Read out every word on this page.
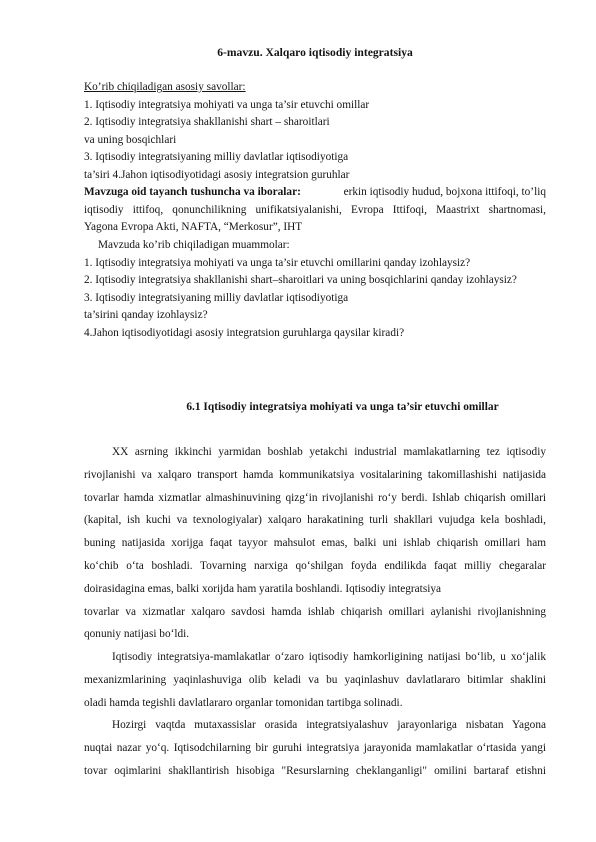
6-mavzu. Xalqaro iqtisodiy integratsiya
Ko’rib chiqiladigan asosiy savollar:
1. Iqtisodiy integratsiya mohiyati va unga ta’sir etuvchi omillar
2. Iqtisodiy integratsiya shakllanishi shart – sharoitlari
va uning bosqichlari
3. Iqtisodiy integratsiyaning milliy davlatlar iqtisodiyotiga
ta’siri 4.Jahon iqtisodiyotidagi asosiy integratsion guruhlar
Mavzuga oid tayanch tushuncha va iboralar:	erkin iqtisodiy hudud, bojxona ittifoqi, to’liq
iqtisodiy ittifoq, qonunchilikning unifikatsiyalanishi, Evropa Ittifoqi, Maastrixt shartnomasi,
Yagona Evropa Akti, NAFTA, “Merkosur”, IHT
Mavzuda ko’rib chiqiladigan muammolar:
1. Iqtisodiy integratsiya mohiyati va unga ta’sir etuvchi omillarini qanday izohlaysiz?
2. Iqtisodiy integratsiya shakllanishi shart–sharoitlari va uning bosqichlarini qanday izohlaysiz?
3. Iqtisodiy integratsiyaning milliy davlatlar iqtisodiyotiga
ta’sirini qanday izohlaysiz?
4.Jahon iqtisodiyotidagi asosiy integratsion guruhlarga qaysilar kiradi?
6.1 Iqtisodiy integratsiya mohiyati va unga ta’sir etuvchi omillar
XX asrning ikkinchi yarmidan boshlab yetakchi industrial mamlakatlarning tez iqtisodiy
rivojlanishi va xalqaro transport hamda kommunikatsiya vositalarining takomillashishi natijasida
tovarlar hamda xizmatlar almashinuvining qizg‘in rivojlanishi ro‘y berdi. Ishlab chiqarish omillari
(kapital, ish kuchi va texnologiyalar) xalqaro harakatining turli shakllari vujudga kela boshladi,
buning natijasida xorijga faqat tayyor mahsulot emas, balki uni ishlab chiqarish omillari ham
ko‘chib o‘ta boshladi. Tovarning narxiga qo‘shilgan foyda endilikda faqat milliy chegaralar
doirasidagina emas, balki xorijda ham yaratila boshlandi. Iqtisodiy integratsiya
tovarlar va xizmatlar xalqaro savdosi hamda ishlab chiqarish omillari aylanishi rivojlanishning
qonuniy natijasi bo‘ldi.
Iqtisodiy integratsiya-mamlakatlar o‘zaro iqtisodiy hamkorligining natijasi bo‘lib, u xo‘jalik
mexanizmlarining yaqinlashuviga olib keladi va bu yaqinlashuv davlatlararo bitimlar shaklini
oladi hamda tegishli davlatlararo organlar tomonidan tartibga solinadi.
Hozirgi vaqtda mutaxassislar orasida integratsiyalashuv jarayonlariga nisbatan Yagona
nuqtai nazar yo‘q. Iqtisodchilarning bir guruhi integratsiya jarayonida mamlakatlar o‘rtasida yangi
tovar oqimlarini shakllantirish hisobiga "Resurslarning cheklanganligi" omilini bartaraf etishni
